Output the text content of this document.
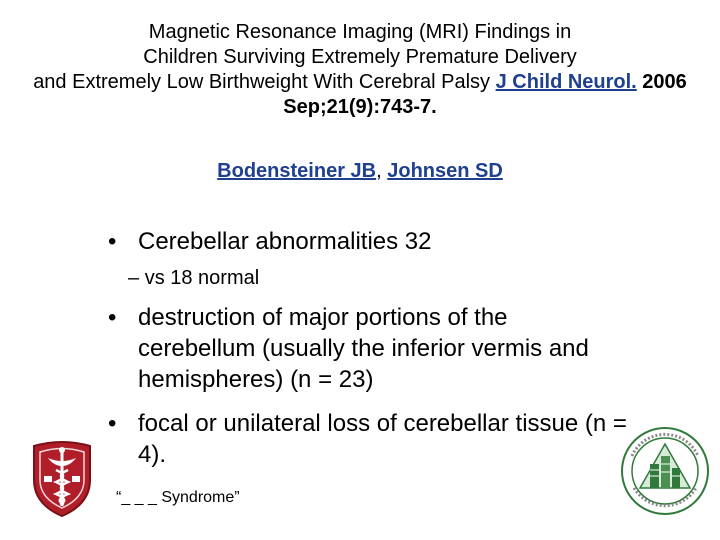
Magnetic Resonance Imaging (MRI) Findings in
Children Surviving Extremely Premature Delivery
and Extremely Low Birthweight With Cerebral Palsy J Child Neurol. 2006 Sep;21(9):743-7.
Bodensteiner JB, Johnsen SD
• Cerebellar abnormalities 32
– vs 18 normal
• destruction of major portions of the cerebellum (usually the inferior vermis and hemispheres) (n = 23)
• focal or unilateral loss of cerebellar tissue (n = 4).
“_ _ _ Syndrome”
